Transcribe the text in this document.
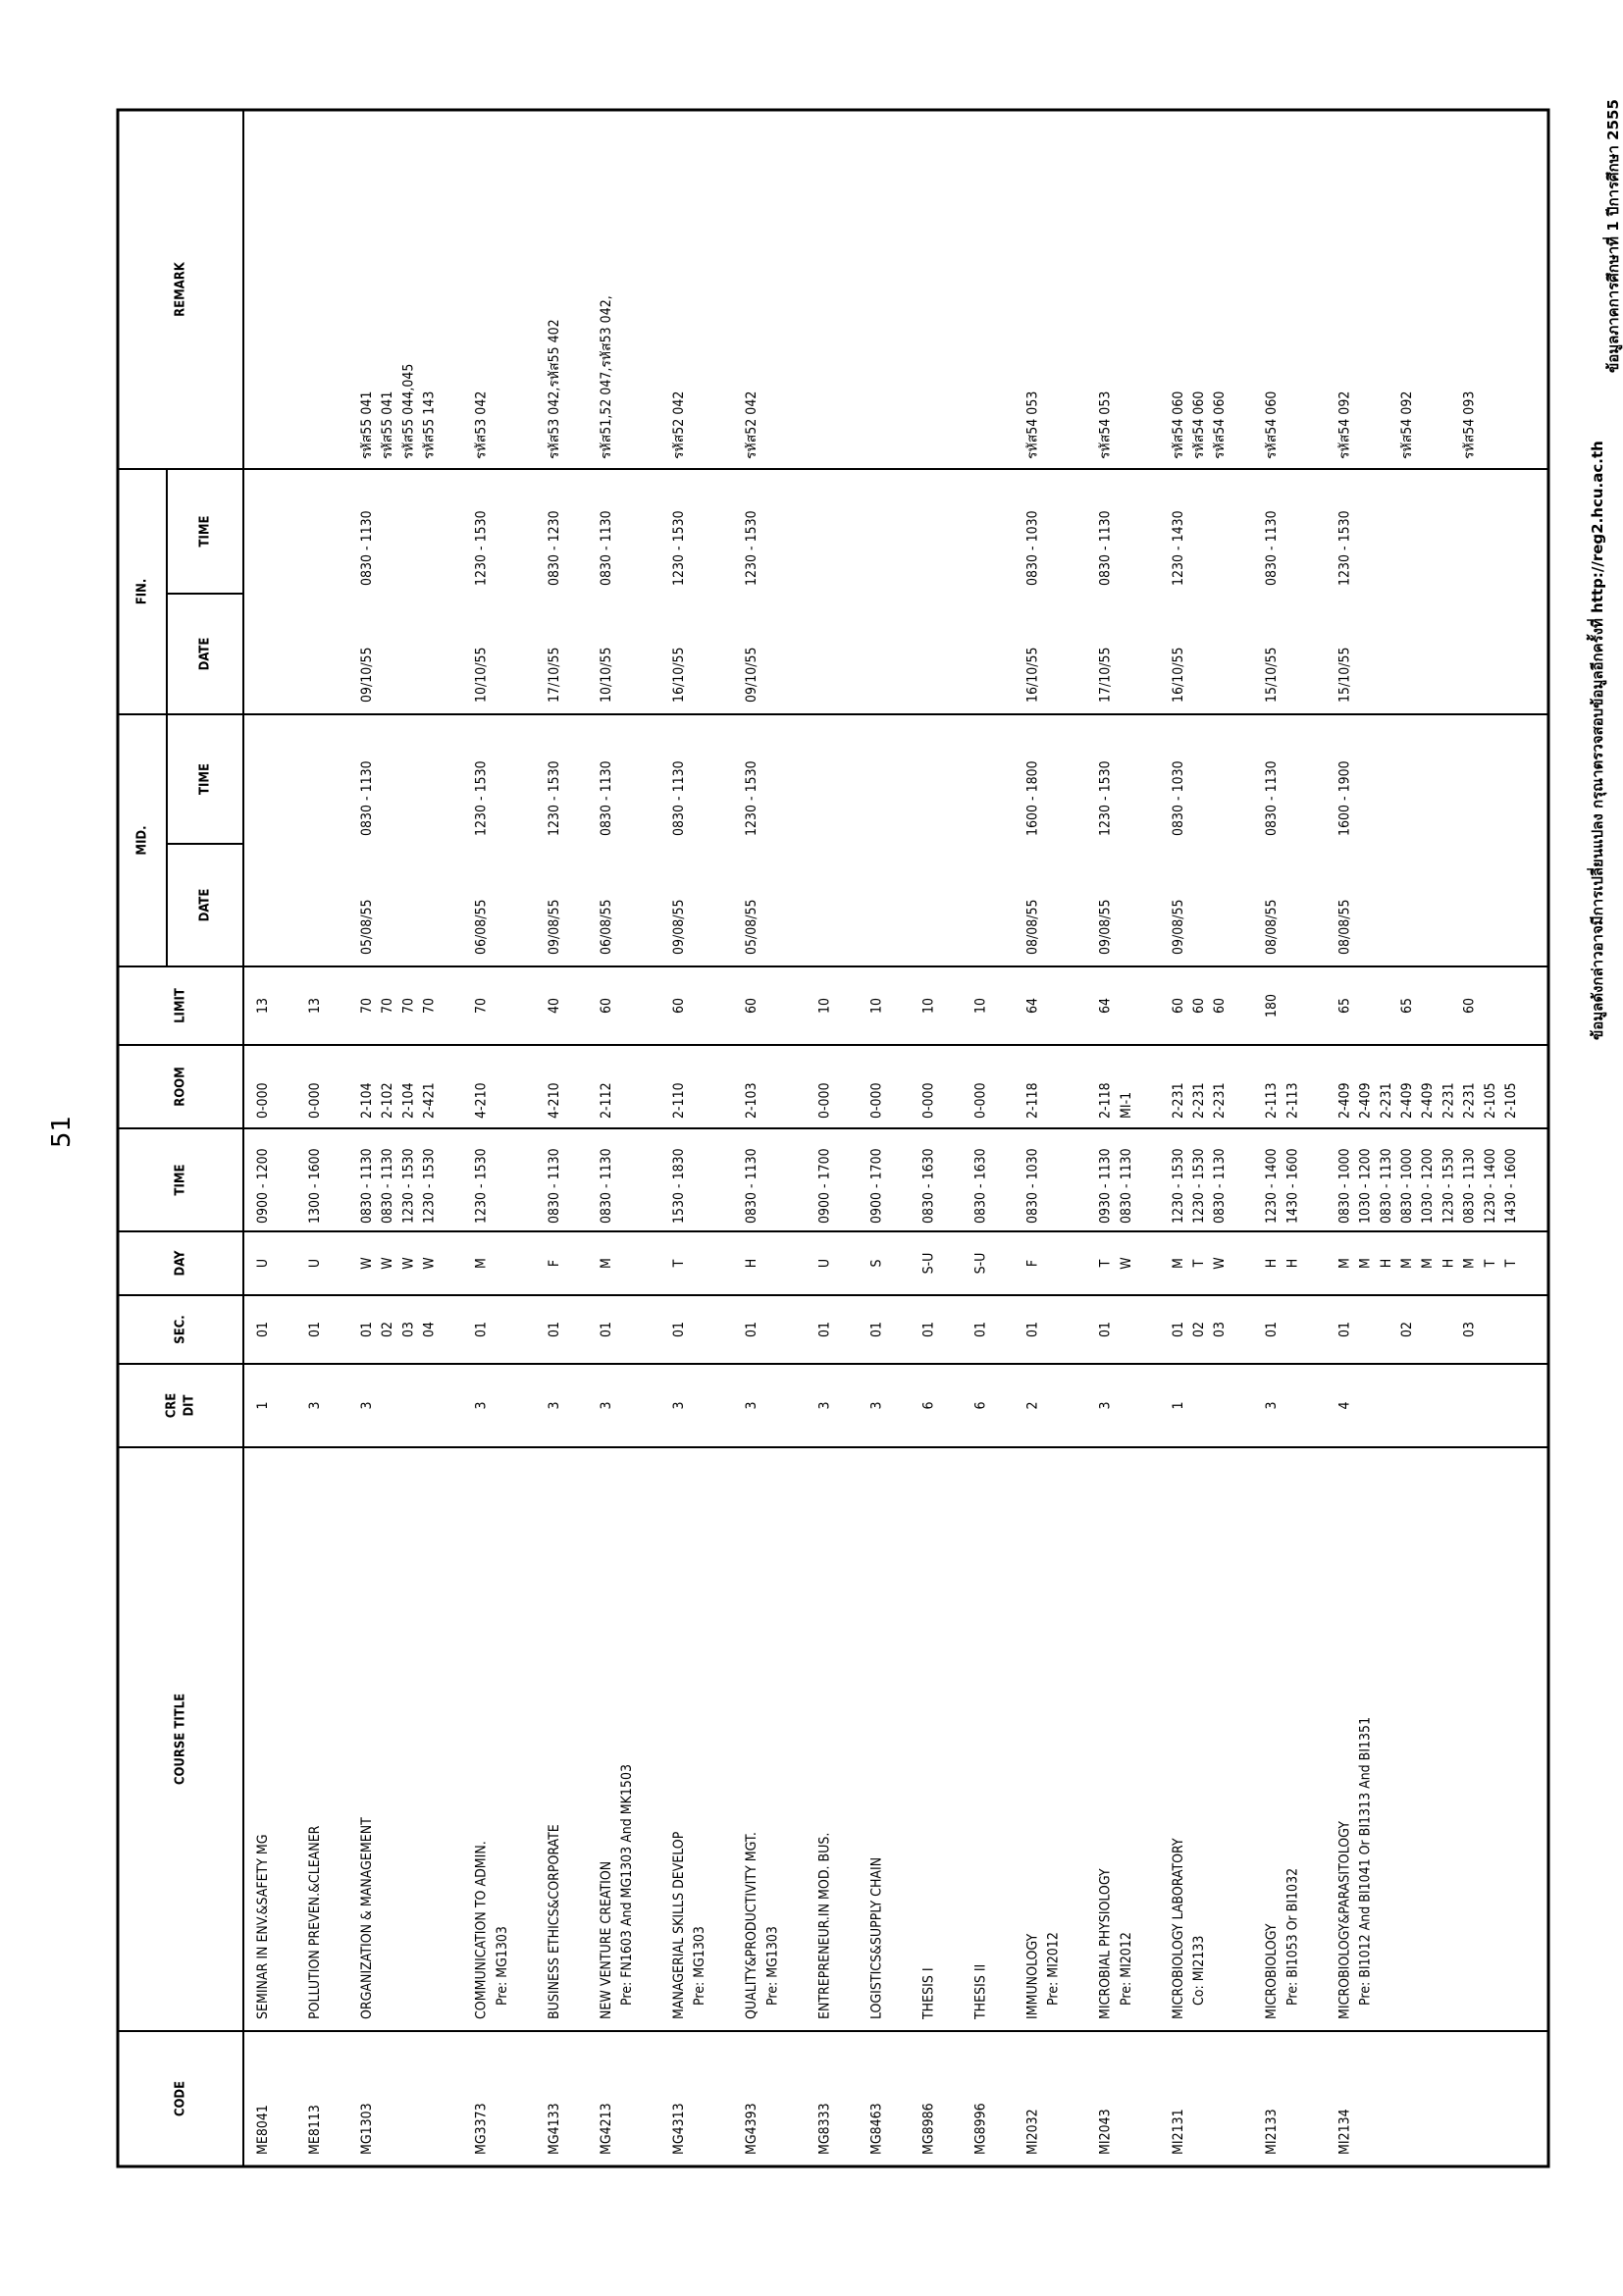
51
ข้อมูลภาคการศึกษาที่ 1 ปีการศึกษา 2555
ข้อมูลดังกล่าวอาจมีการเปลี่ยนแปลง กรุณาตรวจสอบข้อมูลอีกครั้งที่ http://reg2.hcu.ac.th
CODE
COURSE TITLE
CRE DIT
SEC.
DAY
TIME
ROOM
LIMIT
MID.
FIN.
DATE
TIME
DATE
TIME
REMARK
ME8041
SEMINAR IN ENV.&SAFETY MG
1
01
U
0900 - 1200
0-000
13
ME8113
POLLUTION PREVEN.&CLEANER
3
01
U
1300 - 1600
0-000
13
MG1303
ORGANIZATION & MANAGEMENT
3
01
W
0830 - 1130
2-104
70
02
W
0830 - 1130
2-102
70
03
W
1230 - 1530
2-104
70
04
W
1230 - 1530
2-421
70
05/08/55
0830 - 1130
09/10/55
0830 - 1130
รหัส55 041 รหัส55 041 รหัส55 044,045 รหัส55 143
MG3373
COMMUNICATION TO ADMIN. Pre: MG1303
3
01
M
1230 - 1530
4-210
70
06/08/55
1230 - 1530
10/10/55
1230 - 1530
รหัส53 042
MG4133
BUSINESS ETHICS&CORPORATE
3
01
F
0830 - 1130
4-210
40
09/08/55
1230 - 1530
17/10/55
0830 - 1230
รหัส53 042,รหัส55 402
MG4213
NEW VENTURE CREATION Pre: FN1603 And MG1303 And MK1503
3
01
M
0830 - 1130
2-112
60
06/08/55
0830 - 1130
10/10/55
0830 - 1130
รหัส51,52 047,รหัส53 042,
MG4313
MANAGERIAL SKILLS DEVELOP Pre: MG1303
3
01
T
1530 - 1830
2-110
60
09/08/55
0830 - 1130
16/10/55
1230 - 1530
รหัส52 042
MG4393
QUALITY&PRODUCTIVITY MGT. Pre: MG1303
3
01
H
0830 - 1130
2-103
60
05/08/55
1230 - 1530
09/10/55
1230 - 1530
รหัส52 042
MG8333
ENTREPRENEUR.IN MOD. BUS.
3
01
U
0900 - 1700
0-000
10
MG8463
LOGISTICS&SUPPLY CHAIN
3
01
S
0900 - 1700
0-000
10
MG8986
THESIS I
6
01
S-U
0830 - 1630
0-000
10
MG8996
THESIS II
6
01
S-U
0830 - 1630
0-000
10
MI2032
IMMUNOLOGY Pre: MI2012
2
01
F
0830 - 1030
2-118
64
08/08/55
1600 - 1800
16/10/55
0830 - 1030
รหัส54 053
MI2043
MICROBIAL PHYSIOLOGY Pre: MI2012
3
01
T
0930 - 1130
2-118
64
W
0830 - 1130
MI-1
09/08/55
1230 - 1530
17/10/55
0830 - 1130
รหัส54 053
MI2131
MICROBIOLOGY LABORATORY Co: MI2133
1
01
M
1230 - 1530
2-231
60
02
T
1230 - 1530
2-231
60
03
W
0830 - 1130
2-231
60
09/08/55
0830 - 1030
16/10/55
1230 - 1430
รหัส54 060 รหัส54 060 รหัส54 060
MI2133
MICROBIOLOGY Pre: BI1053 Or BI1032
3
01
H
1230 - 1400
2-113
180
H
1430 - 1600
2-113
08/08/55
0830 - 1130
15/10/55
0830 - 1130
รหัส54 060
MI2134
MICROBIOLOGY&PARASITOLOGY Pre: BI1012 And BI1041 Or BI1313 And BI1351
4
01
M
0830 - 1000
2-409
65
M
1030 - 1200
2-409
H
0830 - 1130
2-231
02
M
0830 - 1000
2-409
65
M
1030 - 1200
2-409
H
1230 - 1530
2-231
03
M
0830 - 1130
2-231
60
T
1230 - 1400
2-105
T
1430 - 1600
2-105
08/08/55
1600 - 1900
15/10/55
1230 - 1530
รหัส54 092	รหัส54 092	รหัส54 093
